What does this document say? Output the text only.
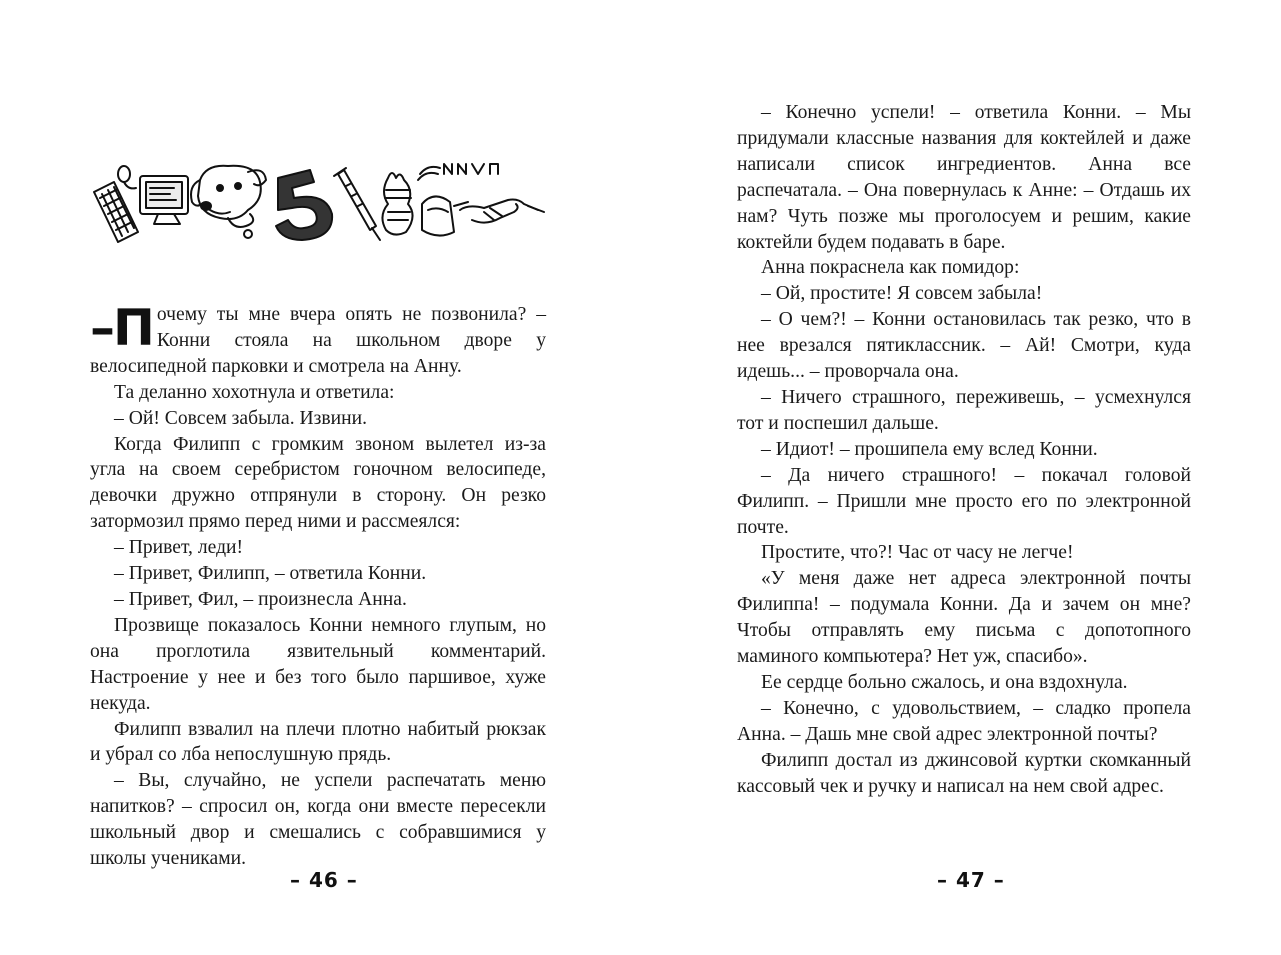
–П очему ты мне вчера опять не позвонила? – Конни стояла на школьном дворе у велосипедной парковки и смотрела на Анну.

Та деланно хохотнула и ответила:

– Ой! Совсем забыла. Извини.

Когда Филипп с громким звоном вылетел из-за угла на своем серебристом гоночном велосипеде, девочки дружно отпрянули в сторону. Он резко затормозил прямо перед ними и рассмеялся:

– Привет, леди!

– Привет, Филипп, – ответила Конни.

– Привет, Фил, – произнесла Анна.

Прозвище показалось Конни немного глупым, но она проглотила язвительный комментарий. Настроение у нее и без того было паршивое, хуже некуда.

Филипп взвалил на плечи плотно набитый рюкзак и убрал со лба непослушную прядь.

– Вы, случайно, не успели распечатать меню напитков? – спросил он, когда они вместе пересекли школьный двор и смешались с собравшимися у школы учениками.

– 46 –

– Конечно успели! – ответила Конни. – Мы придумали классные названия для коктейлей и даже написали список ингредиентов. Анна все распечатала. – Она повернулась к Анне: – Отдашь их нам? Чуть позже мы проголосуем и решим, какие коктейли будем подавать в баре.

Анна покраснела как помидор:

– Ой, простите! Я совсем забыла!

– О чем?! – Конни остановилась так резко, что в нее врезался пятиклассник. – Ай! Смотри, куда идешь... – проворчала она.

– Ничего страшного, переживешь, – усмехнулся тот и поспешил дальше.

– Идиот! – прошипела ему вслед Конни.

– Да ничего страшного! – покачал головой Филипп. – Пришли мне просто его по электронной почте.

Простите, что?! Час от часу не легче!

«У меня даже нет адреса электронной почты Филиппа! – подумала Конни. Да и зачем он мне? Чтобы отправлять ему письма с допотопного маминого компьютера? Нет уж, спасибо».

Ее сердце больно сжалось, и она вздохнула.

– Конечно, с удовольствием, – сладко пропела Анна. – Дашь мне свой адрес электронной почты?

Филипп достал из джинсовой куртки скомканный кассовый чек и ручку и написал на нем свой адрес.

– 47 –
